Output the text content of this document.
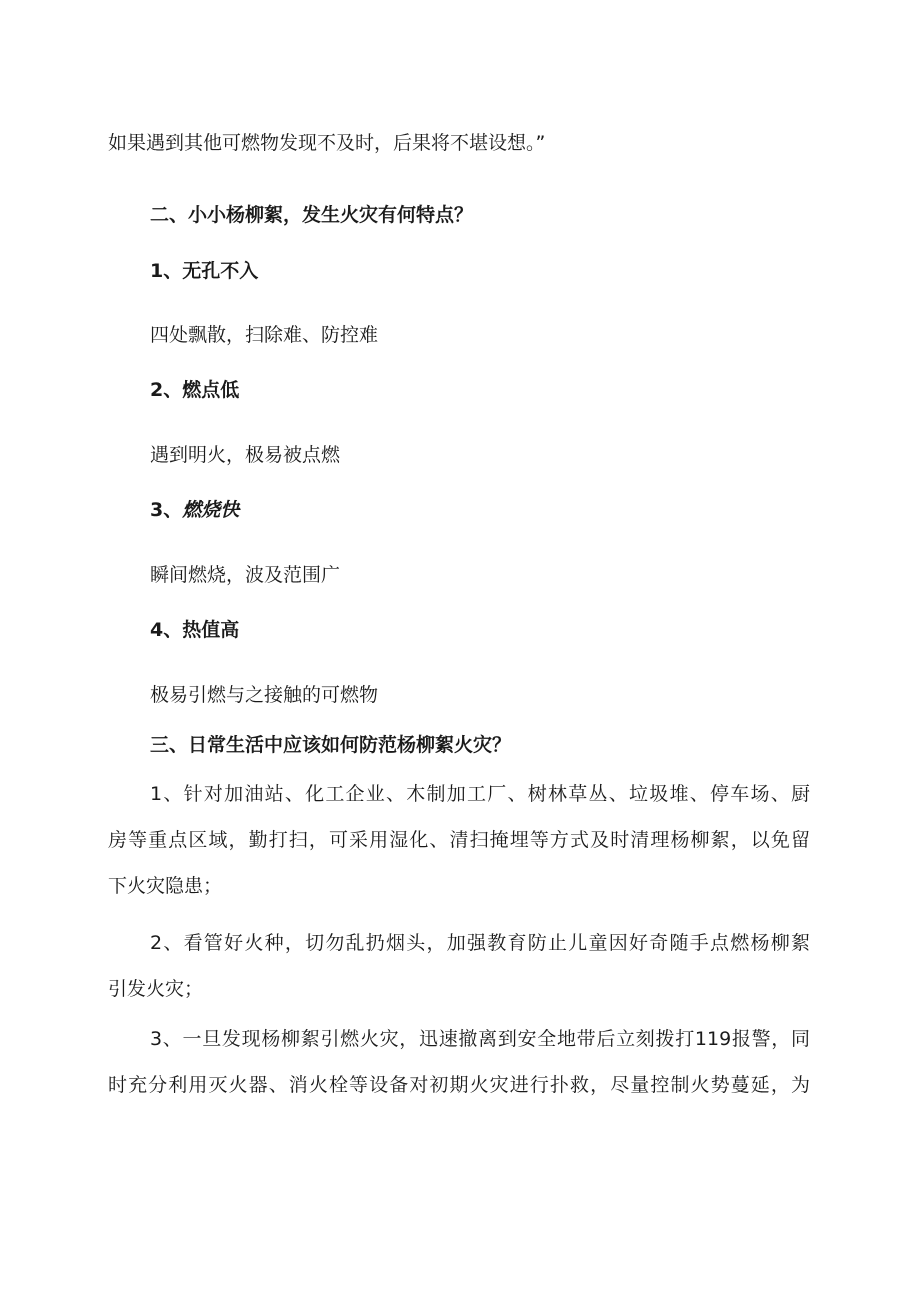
如果遇到其他可燃物发现不及时，后果将不堪设想。”

二、小小杨柳絮，发生火灾有何特点？

1、无孔不入

四处飘散，扫除难、防控难

2、燃点低

遇到明火，极易被点燃

3、燃烧快

瞬间燃烧，波及范围广

4、热值高

极易引燃与之接触的可燃物

三、日常生活中应该如何防范杨柳絮火灾？

1、针对加油站、化工企业、木制加工厂、树林草丛、垃圾堆、停车场、厨

房等重点区域，勤打扫，可采用湿化、清扫掩埋等方式及时清理杨柳絮，以免留

下火灾隐患；

2、看管好火种，切勿乱扔烟头，加强教育防止儿童因好奇随手点燃杨柳絮

引发火灾；

3、一旦发现杨柳絮引燃火灾，迅速撤离到安全地带后立刻拨打119报警，同

时充分利用灭火器、消火栓等设备对初期火灾进行扑救，尽量控制火势蔓延，为
